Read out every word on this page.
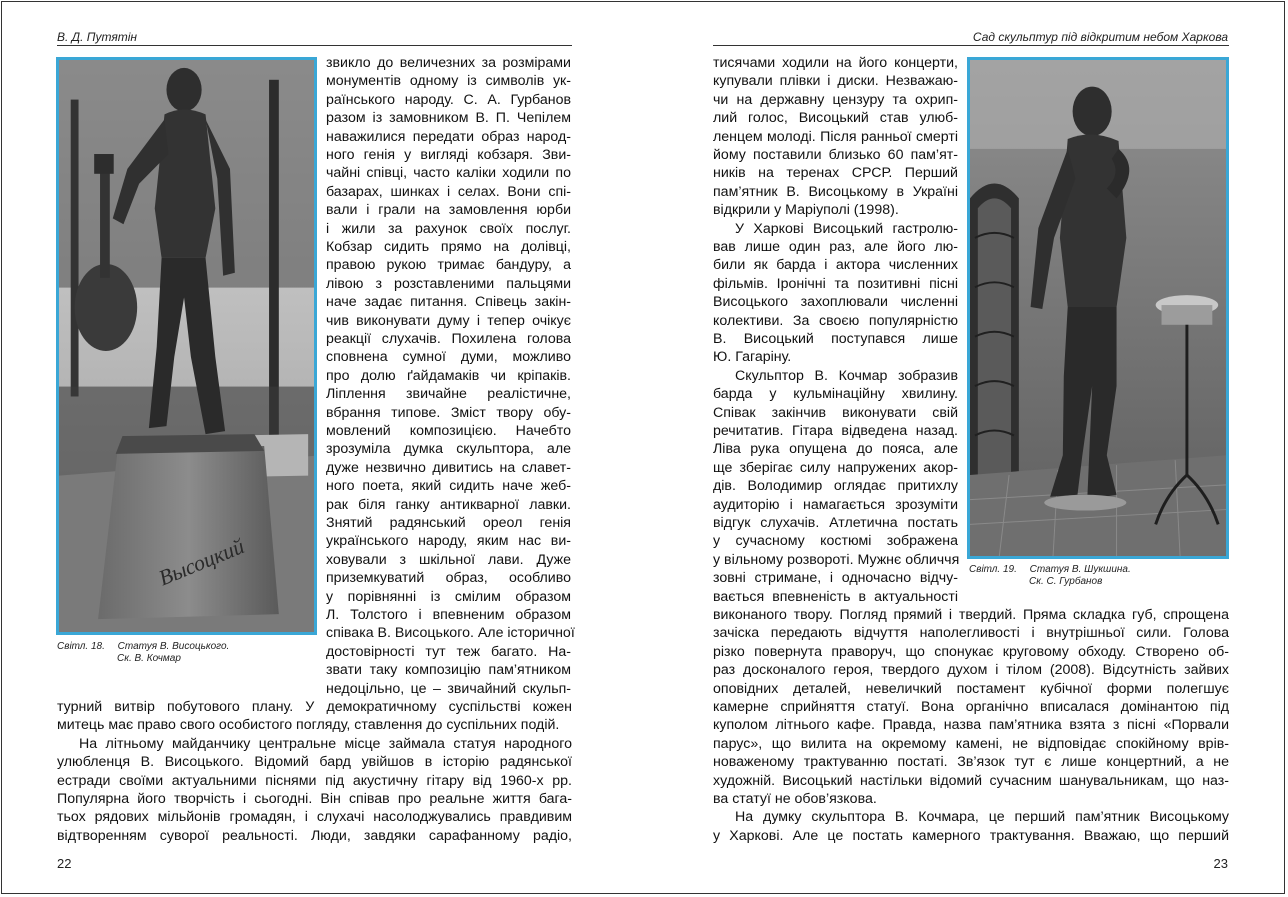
В. Д. Путятін
Высоцкий
Світл. 18. Статуя В. Висоцького.
Ск. В. Кочмар
звикло до величезних за розмірами
монументів одному із символів ук-
раїнського народу. С. А. Гурбанов
разом із замовником В. П. Чепілем
наважилися передати образ народ-
ного генія у вигляді кобзаря. Зви-
чайні співці, часто каліки ходили по
базарах, шинках і селах. Вони спі-
вали і грали на замовлення юрби
і жили за рахунок своїх послуг.
Кобзар сидить прямо на долівці,
правою рукою тримає бандуру, а
лівою з розставленими пальцями
наче задає питання. Співець закін-
чив виконувати думу і тепер очікує
реакції слухачів. Похилена голова
сповнена сумної думи, можливо
про долю ґайдамаків чи кріпаків.
Ліплення звичайне реалістичне,
вбрання типове. Зміст твору обу-
мовлений композицією. Начебто
зрозуміла думка скульптора, але
дуже незвично дивитись на славет-
ного поета, який сидить наче жеб-
рак біля ганку антикварної лавки.
Знятий радянський ореол генія
українського народу, яким нас ви-
ховували з шкільної лави. Дуже
приземкуватий образ, особливо
у порівнянні із смілим образом
Л. Толстого і впевненим образом
співака В. Висоцького. Але історичної
достовірності тут теж багато. На-
звати таку композицію пам’ятником
недоцільно, це – звичайний скульп-
турний витвір побутового плану. У демократичному суспільстві кожен
митець має право свого особистого погляду, ставлення до суспільних подій.
На літньому майданчику центральне місце займала статуя народного
улюбленця В. Висоцького. Відомий бард увійшов в історію радянської
естради своїми актуальними піснями під акустичну гітару від 1960-х рр.
Популярна його творчість і сьогодні. Він співав про реальне життя бага-
тьох рядових мільйонів громадян, і слухачі насолоджувались правдивим
відтворенням суворої реальності. Люди, завдяки сарафанному радіо,
22
Сад скульптур під відкритим небом Харкова
Світл. 19. Статуя В. Шукшина.
Ск. С. Гурбанов
тисячами ходили на його концерти,
купували плівки і диски. Незважаю-
чи на державну цензуру та охрип-
лий голос, Висоцький став улюб-
ленцем молоді. Після ранньої смерті
йому поставили близько 60 пам’ят-
ників на теренах СРСР. Перший
пам’ятник В. Висоцькому в Україні
відкрили у Маріуполі (1998).
У Харкові Висоцький гастролю-
вав лише один раз, але його лю-
били як барда і актора численних
фільмів. Іронічні та позитивні пісні
Висоцького захоплювали численні
колективи. За своєю популярністю
В. Висоцький поступався лише
Ю. Гагаріну.
Скульптор В. Кочмар зобразив
барда у кульмінаційну хвилину.
Співак закінчив виконувати свій
речитатив. Гітара відведена назад.
Ліва рука опущена до пояса, але
ще зберігає силу напружених акор-
дів. Володимир оглядає притихлу
аудиторію і намагається зрозуміти
відгук слухачів. Атлетична постать
у сучасному костюмі зображена
у вільному розвороті. Мужнє обличчя
зовні стримане, і одночасно відчу-
вається впевненість в актуальності
виконаного твору. Погляд прямий і твердий. Пряма складка губ, спрощена
зачіска передають відчуття наполегливості і внутрішньої сили. Голова
різко повернута праворуч, що спонукає круговому обходу. Створено об-
раз досконалого героя, твердого духом і тілом (2008). Відсутність зайвих
оповідних деталей, невеличкий постамент кубічної форми полегшує
камерне сприйняття статуї. Вона органічно вписалася домінантою під
куполом літнього кафе. Правда, назва пам’ятника взята з пісні «Порвали
парус», що вилита на окремому камені, не відповідає спокійному врів-
новаженому трактуванню постаті. Зв’язок тут є лише концертний, а не
художній. Висоцький настільки відомий сучасним шанувальникам, що наз-
ва статуї не обов’язкова.
На думку скульптора В. Кочмара, це перший пам’ятник Висоцькому
у Харкові. Але це постать камерного трактування. Вважаю, що перший
23
